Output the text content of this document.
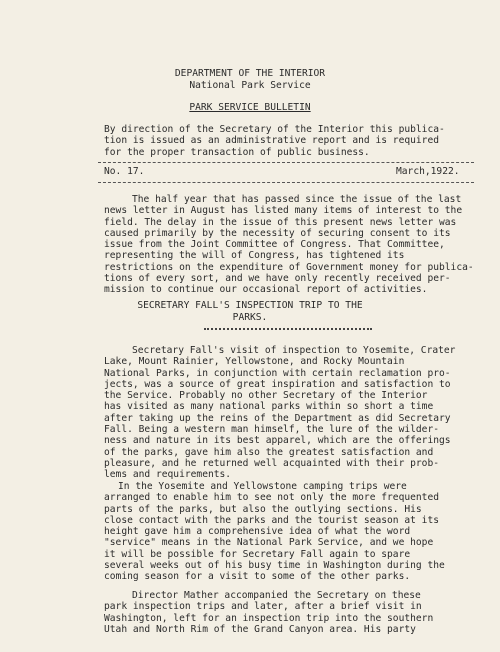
DEPARTMENT OF THE INTERIOR
National Park Service
PARK SERVICE BULLETIN
By direction of the Secretary of the Interior this publica-
tion is issued as an administrative report and is required
for the proper transaction of public business.
No. 17.	March,1922.
The half year that has passed since the issue of the last
news letter in August has listed many items of interest to the
field. The delay in the issue of this present news letter was
caused primarily by the necessity of securing consent to its
issue from the Joint Committee of Congress. That Committee,
representing the will of Congress, has tightened its
restrictions on the expenditure of Government money for publica-
tions of every sort, and we have only recently received per-
mission to continue our occasional report of activities.
SECRETARY FALL'S INSPECTION TRIP TO THE
PARKS.
Secretary Fall's visit of inspection to Yosemite, Crater
Lake, Mount Rainier, Yellowstone, and Rocky Mountain
National Parks, in conjunction with certain reclamation pro-
jects, was a source of great inspiration and satisfaction to
the Service. Probably no other Secretary of the Interior
has visited as many national parks within so short a time
after taking up the reins of the Department as did Secretary
Fall. Being a western man himself, the lure of the wilder-
ness and nature in its best apparel, which are the offerings
of the parks, gave him also the greatest satisfaction and
pleasure, and he returned well acquainted with their prob-
lems and requirements.
In the Yosemite and Yellowstone camping trips were
arranged to enable him to see not only the more frequented
parts of the parks, but also the outlying sections. His
close contact with the parks and the tourist season at its
height gave him a comprehensive idea of what the word
"service" means in the National Park Service, and we hope
it will be possible for Secretary Fall again to spare
several weeks out of his busy time in Washington during the
coming season for a visit to some of the other parks.
Director Mather accompanied the Secretary on these
park inspection trips and later, after a brief visit in
Washington, left for an inspection trip into the southern
Utah and North Rim of the Grand Canyon area. His party
